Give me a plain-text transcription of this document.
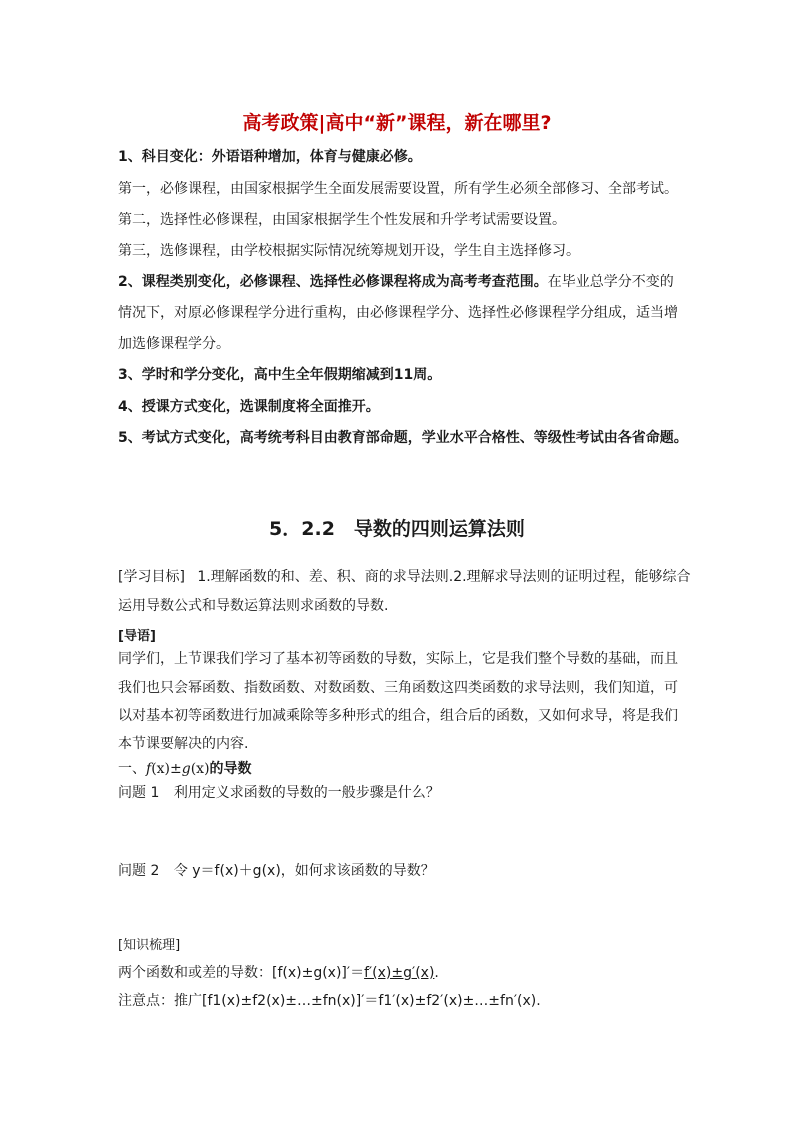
高考政策|高中“新”课程，新在哪里?
1、科目变化：外语语种增加，体育与健康必修。
第一，必修课程，由国家根据学生全面发展需要设置，所有学生必须全部修习、全部考试。
第二，选择性必修课程，由国家根据学生个性发展和升学考试需要设置。
第三，选修课程，由学校根据实际情况统筹规划开设，学生自主选择修习。
2、课程类别变化，必修课程、选择性必修课程将成为高考考查范围。在毕业总学分不变的
情况下，对原必修课程学分进行重构，由必修课程学分、选择性必修课程学分组成，适当增
加选修课程学分。
3、学时和学分变化，高中生全年假期缩减到11周。
4、授课方式变化，选课制度将全面推开。
5、考试方式变化，高考统考科目由教育部命题，学业水平合格性、等级性考试由各省命题。
5．2.2　导数的四则运算法则
[学习目标] 1.理解函数的和、差、积、商的求导法则.2.理解求导法则的证明过程，能够综合
运用导数公式和导数运算法则求函数的导数.
[导语]
同学们，上节课我们学习了基本初等函数的导数，实际上，它是我们整个导数的基础，而且
我们也只会幂函数、指数函数、对数函数、三角函数这四类函数的求导法则，我们知道，可
以对基本初等函数进行加减乘除等多种形式的组合，组合后的函数，又如何求导，将是我们
本节课要解决的内容.
一、f(x)±g(x)的导数
问题 1 利用定义求函数的导数的一般步骤是什么？
问题 2 令 y＝f(x)＋g(x)，如何求该函数的导数？
[知识梳理]
两个函数和或差的导数：[f(x)±g(x)]′＝f′(x)±g′(x).
注意点：推广[f1(x)±f2(x)±…±fn(x)]′＝f1′(x)±f2′(x)±…±fn′(x).
